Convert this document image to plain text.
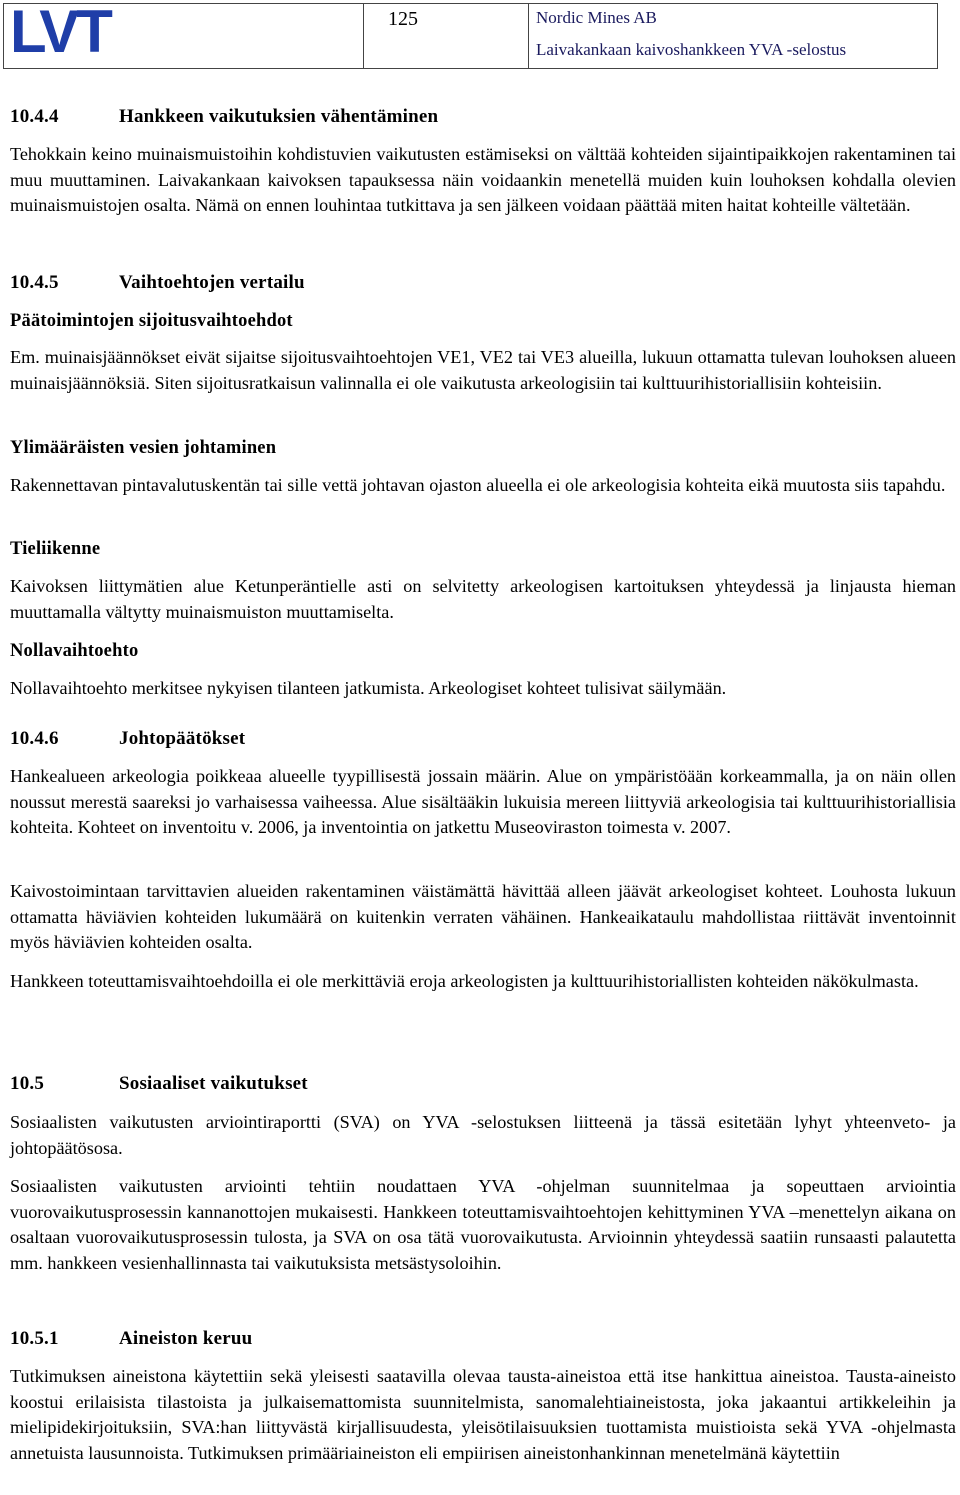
LVT	125	Nordic Mines AB
Laivakankaan kaivoshankkeen YVA -selostus
10.4.4	Hankkeen vaikutuksien vähentäminen

Tehokkain keino muinaismuistoihin kohdistuvien vaikutusten estämiseksi on välttää kohteiden sijaintipaikkojen rakentaminen tai muu muuttaminen. Laivakankaan kaivoksen tapauksessa näin voidaankin menetellä muiden kuin louhoksen kohdalla olevien muinaismuistojen osalta. Nämä on ennen louhintaa tutkittava ja sen jälkeen voidaan päättää miten haitat kohteille vältetään.

10.4.5	Vaihtoehtojen vertailu
Päätoimintojen sijoitusvaihtoehdot

Em. muinaisjäännökset eivät sijaitse sijoitusvaihtoehtojen VE1, VE2 tai VE3 alueilla, lukuun ottamatta tulevan louhoksen alueen muinaisjäännöksiä. Siten sijoitusratkaisun valinnalla ei ole vaikutusta arkeologisiin tai kulttuurihistoriallisiin kohteisiin.

Ylimääräisten vesien johtaminen

Rakennettavan pintavalutuskentän tai sille vettä johtavan ojaston alueella ei ole arkeologisia kohteita eikä muutosta siis tapahdu.

Tieliikenne

Kaivoksen liittymätien alue Ketunperäntielle asti on selvitetty arkeologisen kartoituksen yhteydessä ja linjausta hieman muuttamalla vältytty muinaismuiston muuttamiselta.

Nollavaihtoehto

Nollavaihtoehto merkitsee nykyisen tilanteen jatkumista. Arkeologiset kohteet tulisivat säilymään.

10.4.6	Johtopäätökset

Hankealueen arkeologia poikkeaa alueelle tyypillisestä jossain määrin. Alue on ympäristöään korkeammalla, ja on näin ollen noussut merestä saareksi jo varhaisessa vaiheessa. Alue sisältääkin lukuisia mereen liittyviä arkeologisia tai kulttuurihistoriallisia kohteita. Kohteet on inventoitu v. 2006, ja inventointia on jatkettu Museoviraston toimesta v. 2007.

Kaivostoimintaan tarvittavien alueiden rakentaminen väistämättä hävittää alleen jäävät arkeologiset kohteet. Louhosta lukuun ottamatta häviävien kohteiden lukumäärä on kuitenkin verraten vähäinen. Hankeaikataulu mahdollistaa riittävät inventoinnit myös häviävien kohteiden osalta.

Hankkeen toteuttamisvaihtoehdoilla ei ole merkittäviä eroja arkeologisten ja kulttuurihistoriallisten kohteiden näkökulmasta.

10.5	Sosiaaliset vaikutukset

Sosiaalisten vaikutusten arviointiraportti (SVA) on YVA -selostuksen liitteenä ja tässä esitetään lyhyt yhteenveto- ja johtopäätösosa.

Sosiaalisten vaikutusten arviointi tehtiin noudattaen YVA -ohjelman suunnitelmaa ja sopeuttaen arviointia vuorovaikutusprosessin kannanottojen mukaisesti. Hankkeen toteuttamisvaihtoehtojen kehittyminen YVA –menettelyn aikana on osaltaan vuorovaikutusprosessin tulosta, ja SVA on osa tätä vuorovaikutusta. Arvioinnin yhteydessä saatiin runsaasti palautetta mm. hankkeen vesienhallinnasta tai vaikutuksista metsästysoloihin.

10.5.1	Aineiston keruu

Tutkimuksen aineistona käytettiin sekä yleisesti saatavilla olevaa tausta-aineistoa että itse hankittua aineistoa. Tausta-aineisto koostui erilaisista tilastoista ja julkaisemattomista suunnitelmista, sanomalehtiaineistosta, joka jakaantui artikkeleihin ja mielipidekirjoituksiin, SVA:han liittyvästä kirjallisuudesta, yleisötilaisuuksien tuottamista muistioista sekä YVA -ohjelmasta annetuista lausunnoista. Tutkimuksen primääriaineiston eli empiirisen aineistonhankinnan menetelmänä käytettiin
